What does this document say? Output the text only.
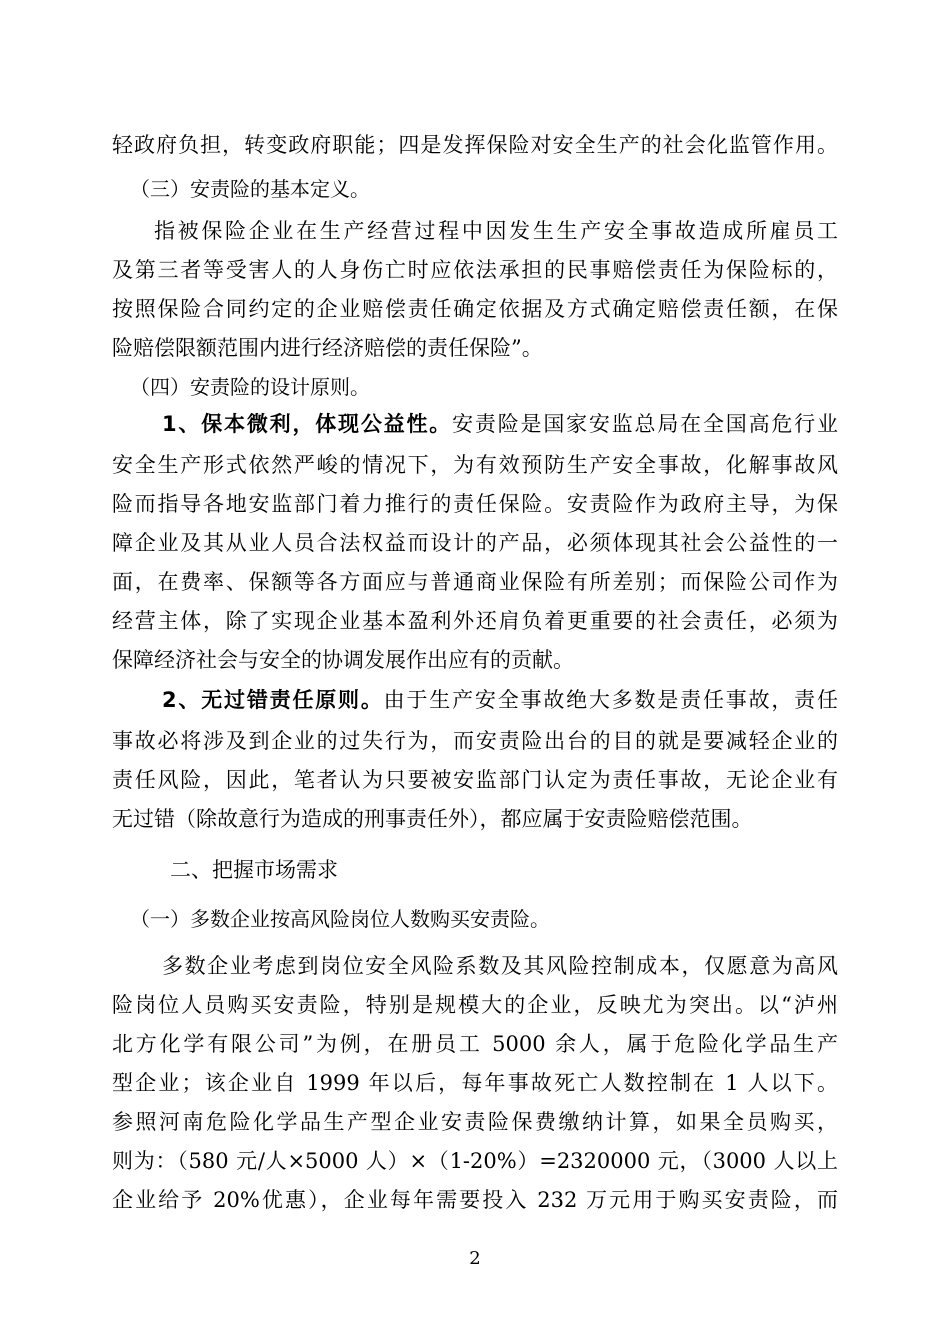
轻政府负担，转变政府职能；四是发挥保险对安全生产的社会化监管作用。
（三）安责险的基本定义。
指被保险企业在生产经营过程中因发生生产安全事故造成所雇员工
及第三者等受害人的人身伤亡时应依法承担的民事赔偿责任为保险标的，
按照保险合同约定的企业赔偿责任确定依据及方式确定赔偿责任额，在保
险赔偿限额范围内进行经济赔偿的责任保险”。
（四）安责险的设计原则。
1、保本微利，体现公益性。安责险是国家安监总局在全国高危行业
安全生产形式依然严峻的情况下，为有效预防生产安全事故，化解事故风
险而指导各地安监部门着力推行的责任保险。安责险作为政府主导，为保
障企业及其从业人员合法权益而设计的产品，必须体现其社会公益性的一
面，在费率、保额等各方面应与普通商业保险有所差别；而保险公司作为
经营主体，除了实现企业基本盈利外还肩负着更重要的社会责任，必须为
保障经济社会与安全的协调发展作出应有的贡献。
2、无过错责任原则。由于生产安全事故绝大多数是责任事故，责任
事故必将涉及到企业的过失行为，而安责险出台的目的就是要减轻企业的
责任风险，因此，笔者认为只要被安监部门认定为责任事故，无论企业有
无过错（除故意行为造成的刑事责任外），都应属于安责险赔偿范围。
二、把握市场需求
（一）多数企业按高风险岗位人数购买安责险。
多数企业考虑到岗位安全风险系数及其风险控制成本，仅愿意为高风
险岗位人员购买安责险，特别是规模大的企业，反映尤为突出。以“泸州
北方化学有限公司”为例，在册员工 5000 余人，属于危险化学品生产
型企业；该企业自 1999 年以后，每年事故死亡人数控制在 1 人以下。
参照河南危险化学品生产型企业安责险保费缴纳计算，如果全员购买，
则为：（580 元/人×5000 人）×（1-20%）=2320000 元，（3000 人以上
企业给予 20%优惠），企业每年需要投入 232 万元用于购买安责险，而
2
